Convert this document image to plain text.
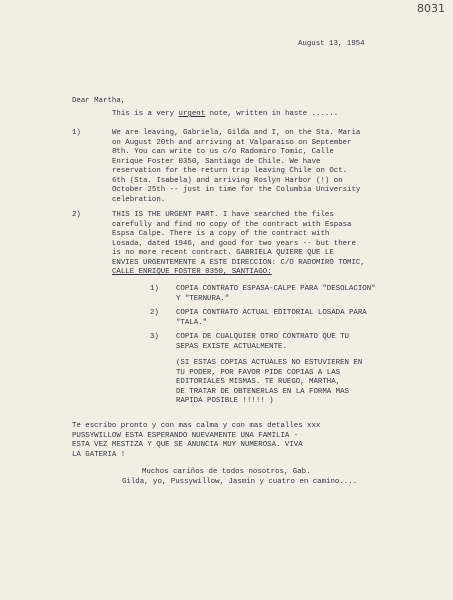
8031
August 13, 1954
Dear Martha,
This is a very urgent note, written in haste ......
1)	We are leaving, Gabriela, Gilda and I, on the Sta. Maria
on August 20th and arriving at Valparaiso on September
8th. You can write to us c/o Radomiro Tomic, Calle
Enrique Foster 0350, Santiago de Chile. We have
reservation for the return trip leaving Chile on Oct.
6th (Sta. Isabela) and arriving Roslyn Harbor (!) on
October 25th -- just in time for the Columbia University
celebration.
2)	THIS IS THE URGENT PART. I have searched the files
carefully and find no copy of the contract with Espasa
Espsa Calpe. There is a copy of the contract with
Losada, dated 1946, and good for two years -- but there
is no more recent contract. GABRIELA QUIERE QUE LE
ENVIES URGENTEMENTE A ESTE DIRECCION: C/O RADOMIRO TOMIC,
CALLE ENRIQUE FOSTER 0350, SANTIAGO:
1) COPIA CONTRATO ESPASA-CALPE PARA "DESOLACION"
Y "TERNURA."
2) COPIA CONTRATO ACTUAL EDITORIAL LOSADA PARA
"TALA."
3) COPIA DE CUALQUIER OTRO CONTRATO QUE TU
SEPAS EXISTE ACTUALMENTE.
(SI ESTAS COPIAS ACTUALES NO ESTUVIEREN EN
TU PODER, POR FAVOR PIDE COPIAS A LAS
EDITORIALES MISMAS. TE RUEGO, MARTHA,
DE TRATAR DE OBTENERLAS EN LA FORMA MAS
RAPIDA POSIBLE !!!!! )
Te escribo pronto y con mas calma y con mas detalles xxx
PUSSYWILLOW ESTA ESPERANDO NUEVAMENTE UNA FAMILIA -
ESTA VEZ MESTIZA Y QUE SE ANUNCIA MUY NUMEROSA. VIVA
LA GATERIA !
Muchos cariños de todos nosotros, Gab.
Gilda, yo, Pussywillow, Jasmin y cuatro en camino....
